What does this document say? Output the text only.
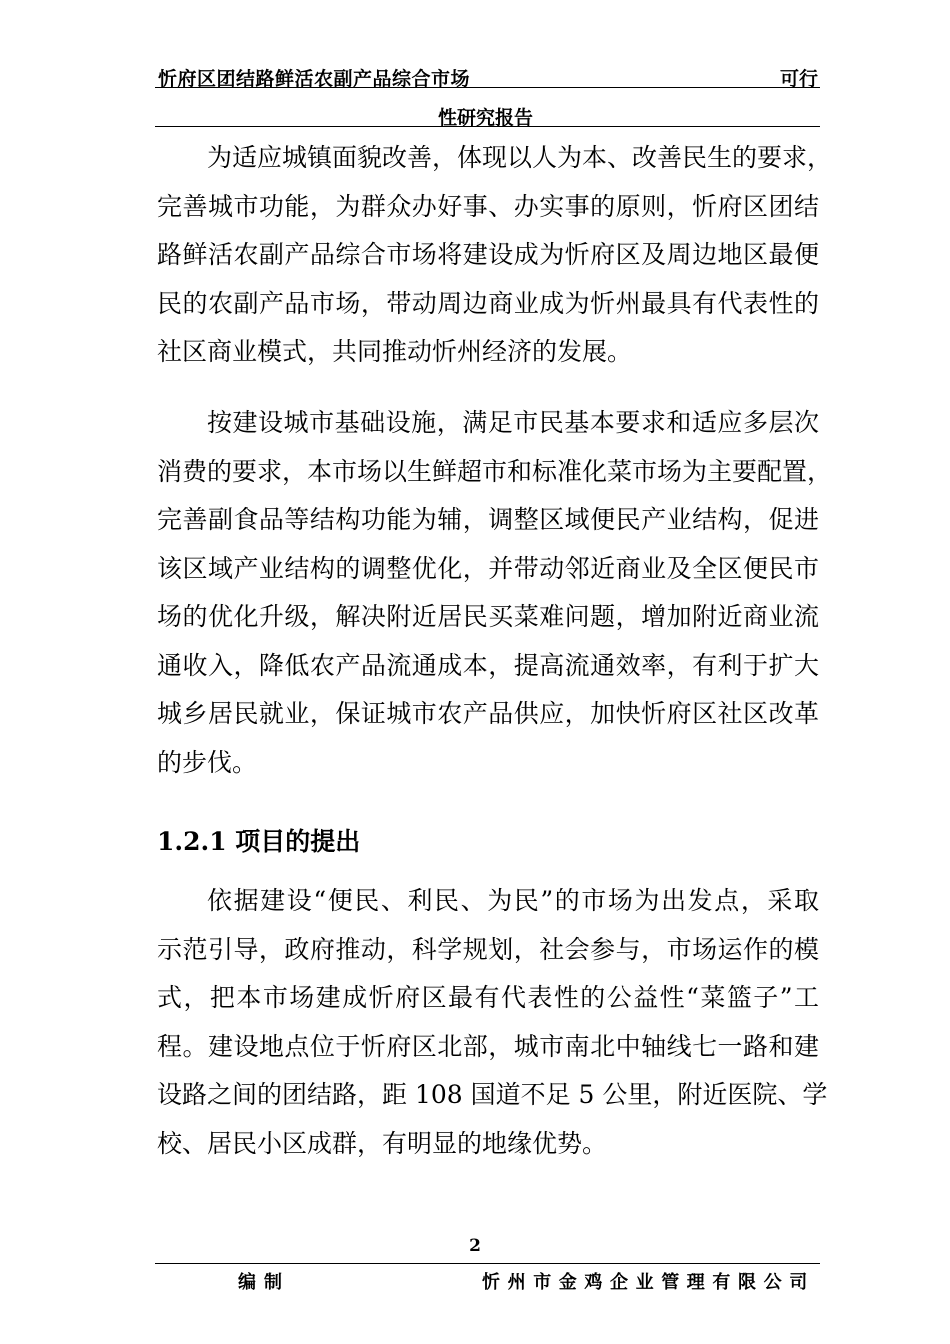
忻府区团结路鲜活农副产品综合市场	可行
性研究报告
为适应城镇面貌改善，体现以人为本、改善民生的要求，
完善城市功能，为群众办好事、办实事的原则，忻府区团结
路鲜活农副产品综合市场将建设成为忻府区及周边地区最便
民的农副产品市场，带动周边商业成为忻州最具有代表性的
社区商业模式，共同推动忻州经济的发展。
按建设城市基础设施，满足市民基本要求和适应多层次
消费的要求，本市场以生鲜超市和标准化菜市场为主要配置，
完善副食品等结构功能为辅，调整区域便民产业结构，促进
该区域产业结构的调整优化，并带动邻近商业及全区便民市
场的优化升级，解决附近居民买菜难问题，增加附近商业流
通收入，降低农产品流通成本，提高流通效率，有利于扩大
城乡居民就业，保证城市农产品供应，加快忻府区社区改革
的步伐。
1.2.1 项目的提出
依据建设“便民、利民、为民”的市场为出发点，采取
示范引导，政府推动，科学规划，社会参与，市场运作的模
式，把本市场建成忻府区最有代表性的公益性“菜篮子”工
程。建设地点位于忻府区北部，城市南北中轴线七一路和建
设路之间的团结路，距 108 国道不足 5 公里，附近医院、学
校、居民小区成群，有明显的地缘优势。
2
编制	忻州市金鸡企业管理有限公司
